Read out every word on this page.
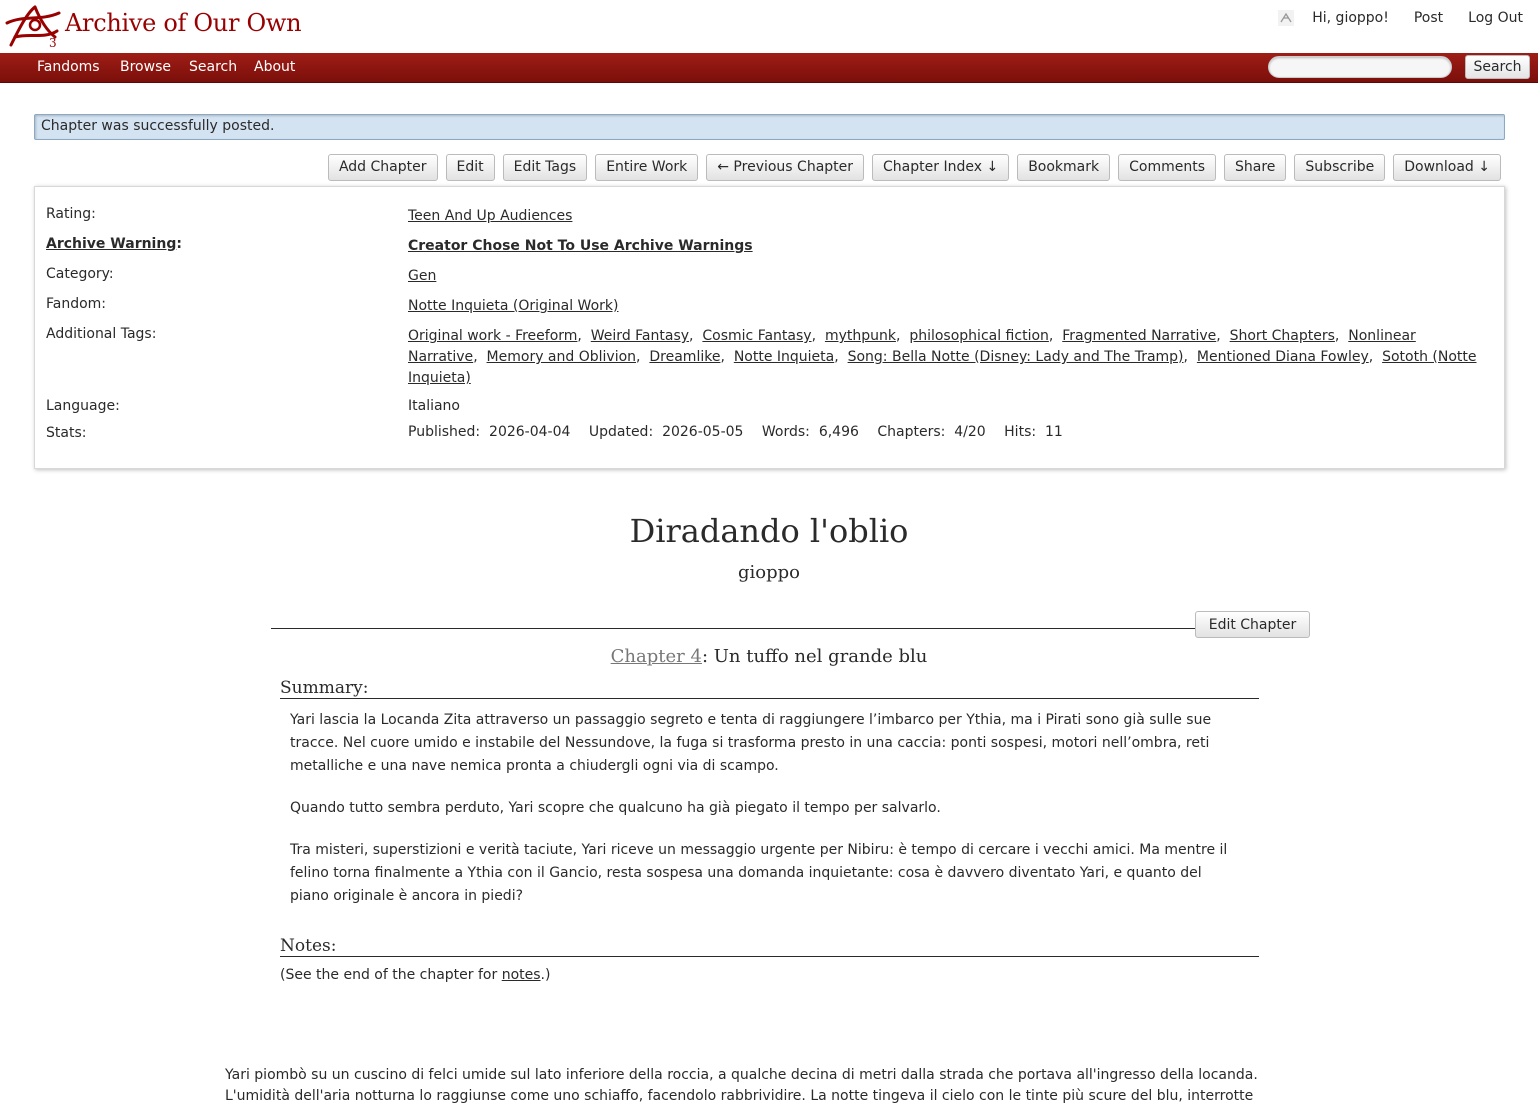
3
Archive of Our Own	Hi, gioppo! Post Log Out
Fandoms Browse Search About	Search
Chapter was successfully posted.
Add Chapter	Edit	Edit Tags	Entire Work	← Previous Chapter	Chapter Index ↓	Bookmark	Comments	Share	Subscribe	Download ↓
Rating:	Teen And Up Audiences
Archive Warning:	Creator Chose Not To Use Archive Warnings
Category:	Gen
Fandom:	Notte Inquieta (Original Work)
Additional Tags:	Original work - Freeform,  Weird Fantasy,  Cosmic Fantasy,  mythpunk,  philosophical fiction,  Fragmented Narrative,  Short Chapters,  Nonlinear Narrative,  Memory and Oblivion,  Dreamlike,  Notte Inquieta,  Song: Bella Notte (Disney: Lady and The Tramp),  Mentioned Diana Fowley,  Sototh (Notte Inquieta)
Language:	Italiano
Stats:	Published: 2026-04-04 Updated: 2026-05-05 Words: 6,496 Chapters: 4/20 Hits: 11
Diradando l'oblio
gioppo
Edit Chapter
Chapter 4: Un tuffo nel grande blu
Summary:

Yari lascia la Locanda Zita attraverso un passaggio segreto e tenta di raggiungere l’imbarco per Ythia, ma i Pirati sono già sulle sue tracce. Nel cuore umido e instabile del Nessundove, la fuga si trasforma presto in una caccia: ponti sospesi, motori nell’ombra, reti metalliche e una nave nemica pronta a chiudergli ogni via di scampo.

Quando tutto sembra perduto, Yari scopre che qualcuno ha già piegato il tempo per salvarlo.

Tra misteri, superstizioni e verità taciute, Yari riceve un messaggio urgente per Nibiru: è tempo di cercare i vecchi amici. Ma mentre il felino torna finalmente a Ythia con il Gancio, resta sospesa una domanda inquietante: cosa è davvero diventato Yari, e quanto del piano originale è ancora in piedi?

Notes:
(See the end of the chapter for notes.)

Yari piombò su un cuscino di felci umide sul lato inferiore della roccia, a qualche decina di metri dalla strada che portava all'ingresso della locanda. L'umidità dell'aria notturna lo raggiunse come uno schiaffo, facendolo rabbrividire. La notte tingeva il cielo con le tinte più scure del blu, interrotte
